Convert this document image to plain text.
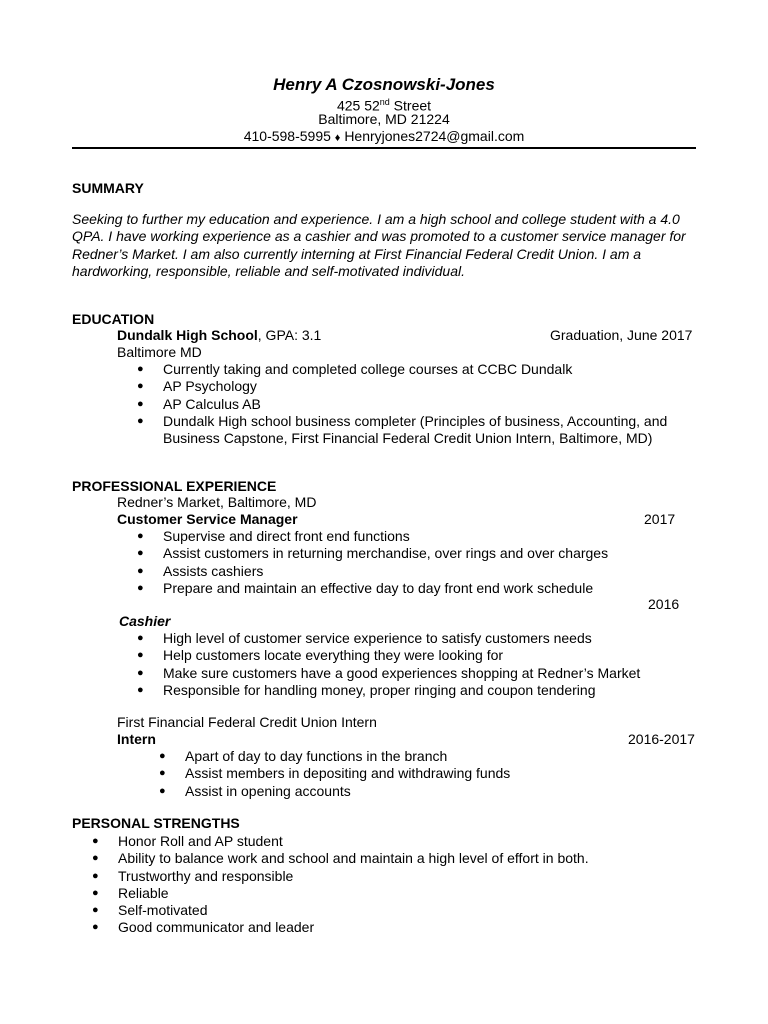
Henry A Czosnowski-Jones
425 52nd Street
Baltimore, MD 21224
410-598-5995 ♦ Henryjones2724@gmail.com
SUMMARY
Seeking to further my education and experience. I am a high school and college student with a 4.0 QPA. I have working experience as a cashier and was promoted to a customer service manager for Redner’s Market. I am also currently interning at First Financial Federal Credit Union. I am a hardworking, responsible, reliable and self-motivated individual.
EDUCATION
Dundalk High School, GPA: 3.1	Graduation, June 2017
Baltimore MD
● Currently taking and completed college courses at CCBC Dundalk
● AP Psychology
● AP Calculus AB
● Dundalk High school business completer (Principles of business, Accounting, and
Business Capstone, First Financial Federal Credit Union Intern, Baltimore, MD)
PROFESSIONAL EXPERIENCE
Redner’s Market, Baltimore, MD
Customer Service Manager	2017
● Supervise and direct front end functions
● Assist customers in returning merchandise, over rings and over charges
● Assists cashiers
● Prepare and maintain an effective day to day front end work schedule
2016
Cashier
● High level of customer service experience to satisfy customers needs
● Help customers locate everything they were looking for
● Make sure customers have a good experiences shopping at Redner’s Market
● Responsible for handling money, proper ringing and coupon tendering
First Financial Federal Credit Union Intern
Intern	2016-2017
● Apart of day to day functions in the branch
● Assist members in depositing and withdrawing funds
● Assist in opening accounts
PERSONAL STRENGTHS
● Honor Roll and AP student
● Ability to balance work and school and maintain a high level of effort in both.
● Trustworthy and responsible
● Reliable
● Self-motivated
● Good communicator and leader
